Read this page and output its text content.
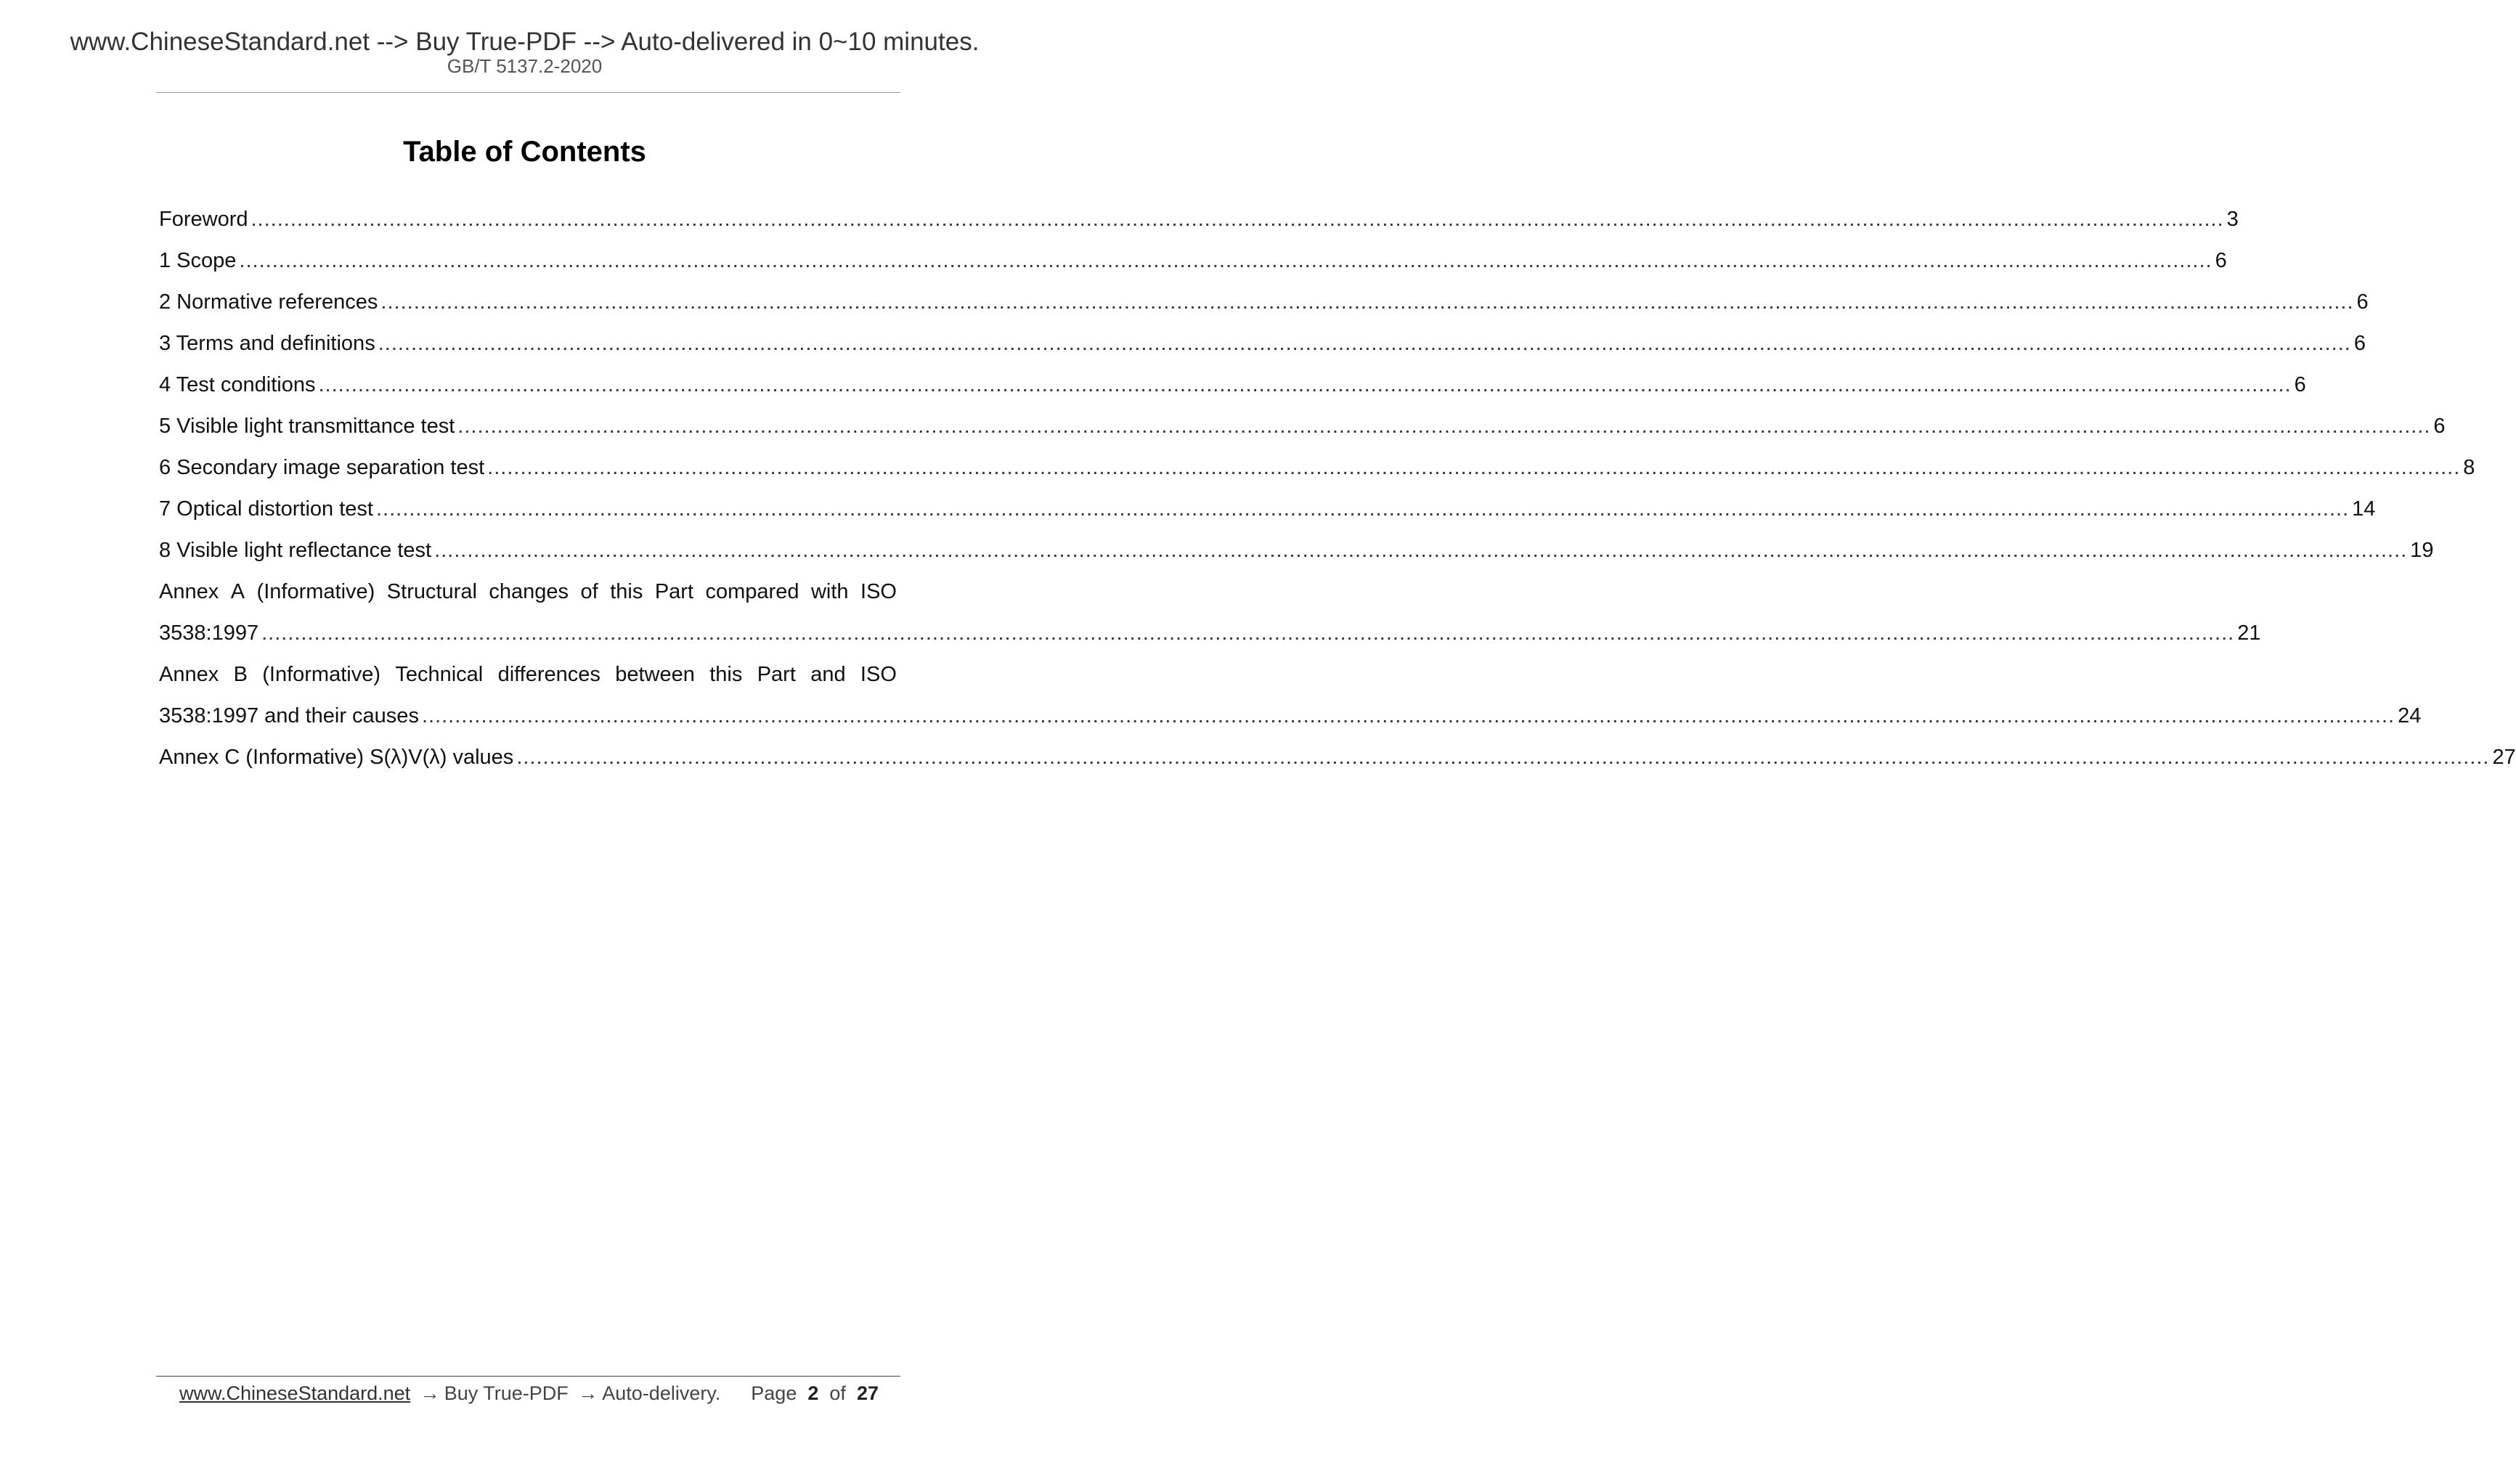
www.ChineseStandard.net --> Buy True-PDF --> Auto-delivered in 0~10 minutes.
GB/T 5137.2-2020
Table of Contents
Foreword ............................................................................................................................................................................................................................................................................................................ 3
1 Scope ............................................................................................................................................................................................................................................................................................................ 6
2 Normative references ............................................................................................................................................................................................................................................................................................................ 6
3 Terms and definitions ............................................................................................................................................................................................................................................................................................................ 6
4 Test conditions ............................................................................................................................................................................................................................................................................................................ 6
5 Visible light transmittance test ............................................................................................................................................................................................................................................................................................................ 6
6 Secondary image separation test ............................................................................................................................................................................................................................................................................................................ 8
7 Optical distortion test ............................................................................................................................................................................................................................................................................................................ 14
8 Visible light reflectance test ............................................................................................................................................................................................................................................................................................................ 19
Annex A (Informative) Structural changes of this Part compared with ISO
3538:1997 ............................................................................................................................................................................................................................................................................................................ 21
Annex B (Informative) Technical differences between this Part and ISO
3538:1997 and their causes ............................................................................................................................................................................................................................................................................................................ 24
Annex C (Informative) S(λ)V(λ) values ............................................................................................................................................................................................................................................................................................................ 27
www.ChineseStandard.net → Buy True-PDF → Auto-delivery. Page 2 of 27
